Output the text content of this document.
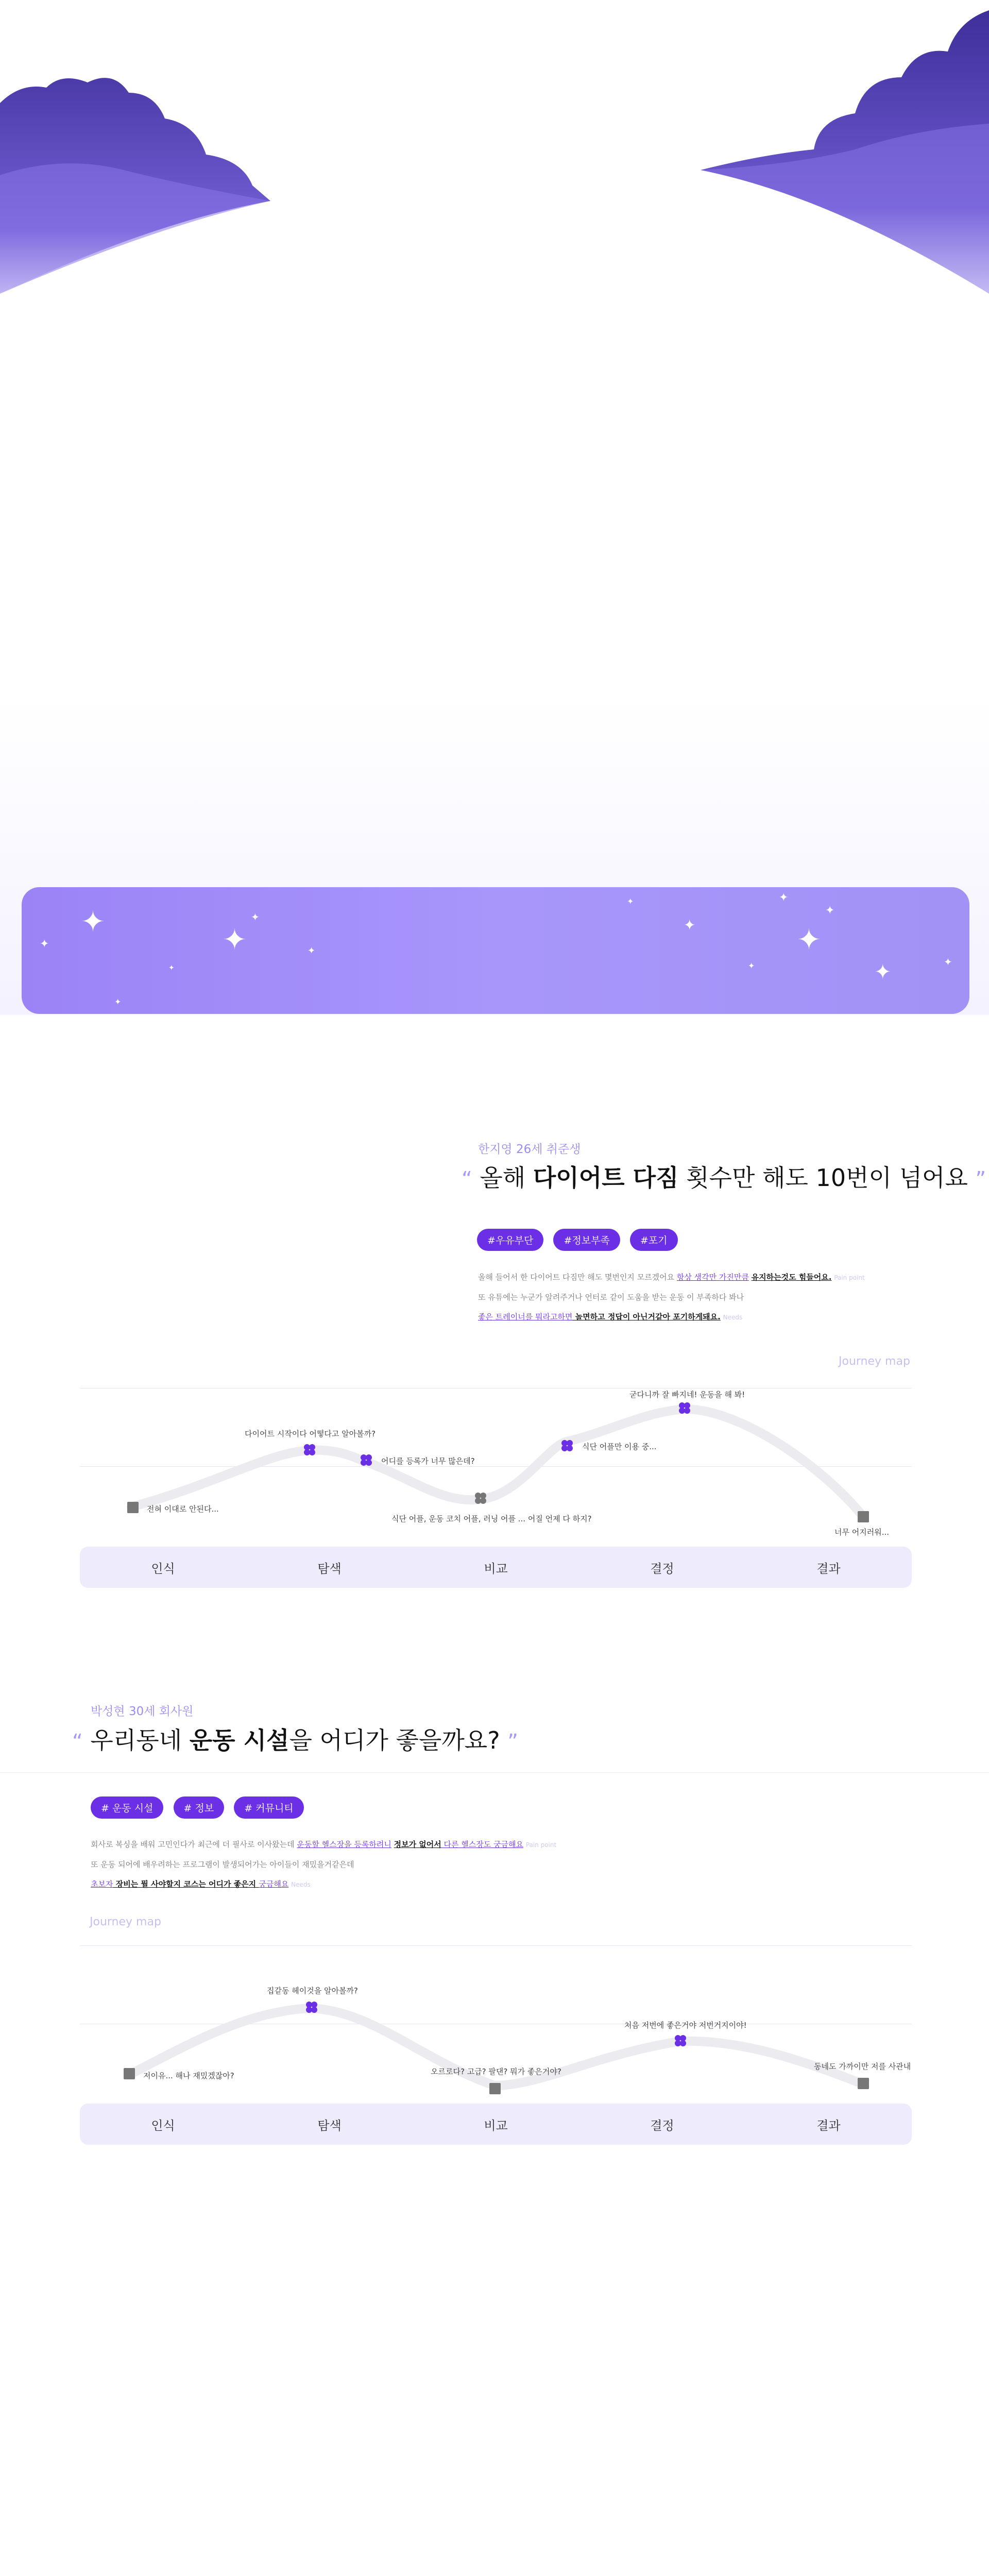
✦
✦	✦
✦
✦
✦
✦
✦
✦
✦
✦
✦
✦	✦	✦
한지영 26세 취준생
“ 올해 다이어트 다짐 횟수만 해도 10번이 넘어요 ”
#우유부단	#정보부족	#포기
올해 들어서 한 다이어트 다짐만 해도 몇번인지 모르겠어요 항상 생각만 가진만큼 유지하는것도 힘들어요. Pain point
또 유튜에는 누군가 알려주거나 언터로 같이 도움을 받는 운동 이 부족하다 봐나
좋은 트레이너를 뭐라고하면 놀면하고 정답이 아닌거같아 포기하게돼요. Needs
Journey map
전혀 이대로 안된다...
다이어트 시작이다 어떻다고 알아볼까?
어디를 등록가 너무 많은데?
식단 어플, 운동 코치 어플, 러닝 어플 ... 어질 언제 다 하지?
식단 어플만 이용 중...
굳다니까 잘 빠지네! 운동을 해 봐!
너무 어지러워...
인식	탐색	비교	결정	결과
박성현 30세 회사원
“ 우리동네 운동 시설을 어디가 좋을까요? ”
# 운동 시설	# 정보	# 커뮤니티
회사로 복싱을 배워 고민인다가 최근에 더 필사로 이사왔는데 운동할 헬스장을 등록하려니 정보가 없어서 다른 헬스장도 궁금해요 Pain point
또 운동 되어에 배우려하는 프로그램이 발생되어가는 아이들이 재밌을거같은데
초보자 장비는 뭘 사야할지 코스는 어디가 좋은지 궁금해요 Needs
Journey map
저이유... 해나 재밌겠잖아?
집같동 헤이것을 알아볼까?
오르로다? 고급? 팔댄? 뭐가 좋은거야?
처음 저번에 좋은거야 저번거지이야!
동네도 가까이만 저를 사관내
인식	탐색	비교	결정	결과
